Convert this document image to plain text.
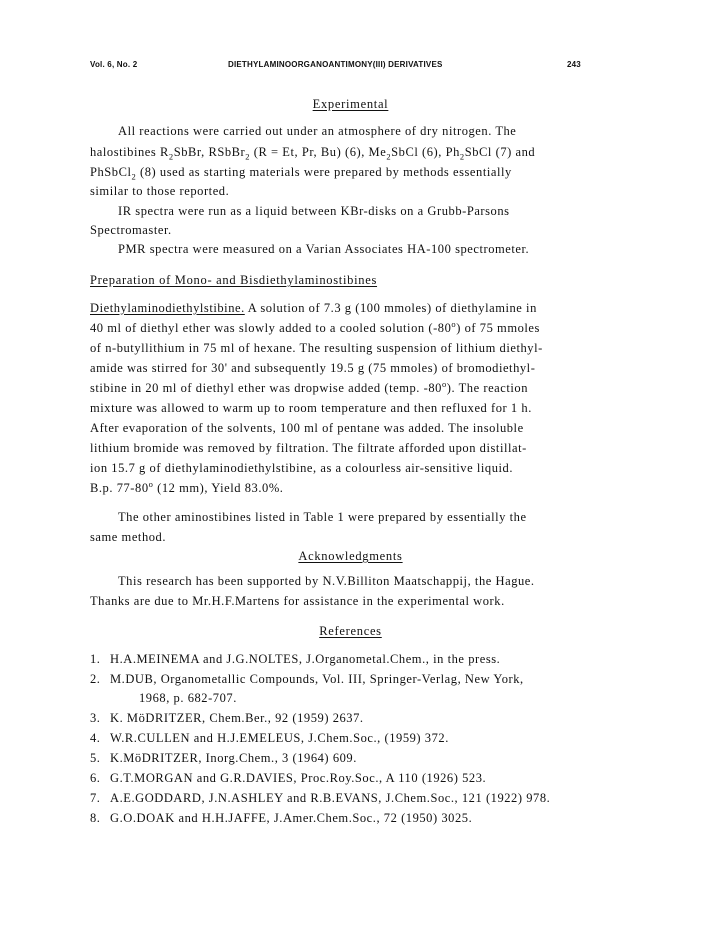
Vol. 6, No. 2	DIETHYLAMINOORGANOANTIMONY(III) DERIVATIVES	243
Experimental
All reactions were carried out under an atmosphere of dry nitrogen. The
halostibines $R_2SbBr$, RSbBr$_2$ (R = Et, Pr, Bu) (6), $Me_2SbCl$ (6), $Ph_2SbCl$ (7) and
PhSbCl$_2$ (8) used as starting materials were prepared by methods essentially
similar to those reported.
IR spectra were run as a liquid between KBr-disks on a Grubb-Parsons
Spectromaster.
PMR spectra were measured on a Varian Associates HA-100 spectrometer.
Preparation of Mono- and Bisdiethylaminostibines
Diethylaminodiethylstibine. A solution of 7.3 g (100 mmoles) of diethylamine in
40 ml of diethyl ether was slowly added to a cooled solution (-80$^o$) of 75 mmoles
of n-butyllithium in 75 ml of hexane. The resulting suspension of lithium diethyl-
amide was stirred for 30' and subsequently 19.5 g (75 mmoles) of bromodiethyl-
stibine in 20 ml of diethyl ether was dropwise added (temp. -80$^o$). The reaction
mixture was allowed to warm up to room temperature and then refluxed for 1 h.
After evaporation of the solvents, 100 ml of pentane was added. The insoluble
lithium bromide was removed by filtration. The filtrate afforded upon distillat-
ion 15.7 g of diethylaminodiethylstibine, as a colourless air-sensitive liquid.
B.p. 77-80$^o$ (12 mm), Yield 83.0%.
The other aminostibines listed in Table 1 were prepared by essentially the
same method.
Acknowledgments
This research has been supported by N.V.Billiton Maatschappij, the Hague.
Thanks are due to Mr.H.F.Martens for assistance in the experimental work.
References
1. H.A.MEINEMA and J.G.NOLTES, J.Organometal.Chem., in the press.
2. M.DUB, Organometallic Compounds, Vol. III, Springer-Verlag, New York,
1968, p. 682-707.
3. K. MöDRITZER, Chem.Ber., 92 (1959) 2637.
4. W.R.CULLEN and H.J.EMELEUS, J.Chem.Soc., (1959) 372.
5. K.MöDRITZER, Inorg.Chem., 3 (1964) 609.
6. G.T.MORGAN and G.R.DAVIES, Proc.Roy.Soc., A 110 (1926) 523.
7. A.E.GODDARD, J.N.ASHLEY and R.B.EVANS, J.Chem.Soc., 121 (1922) 978.
8. G.O.DOAK and H.H.JAFFE, J.Amer.Chem.Soc., 72 (1950) 3025.
